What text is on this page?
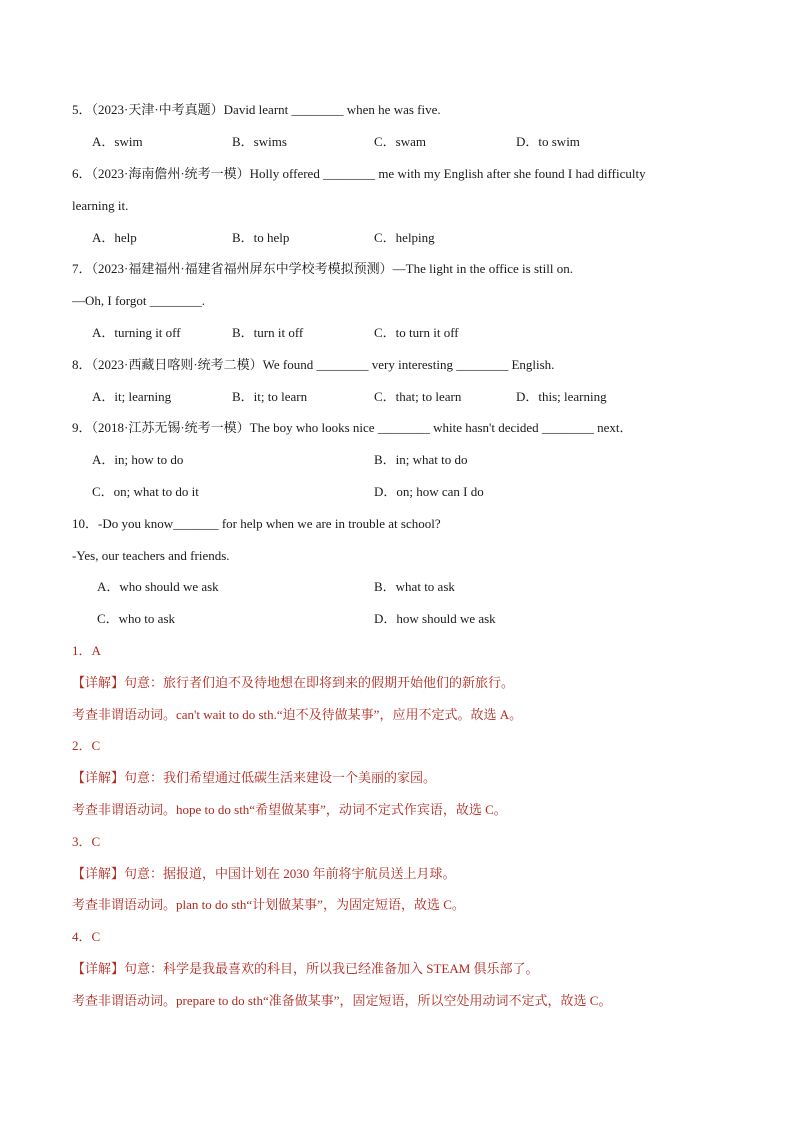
5．（2023·天津·中考真题）David learnt ________ when he was five.
A．swim	B．swims	C．swam	D．to swim
6．（2023·海南儋州·统考一模）Holly offered ________ me with my English after she found I had difficulty
learning it.
A．help	B．to help	C．helping
7．（2023·福建福州·福建省福州屏东中学校考模拟预测）—The light in the office is still on.
—Oh, I forgot ________.
A．turning it off	B．turn it off	C．to turn it off
8．（2023·西藏日喀则·统考二模）We found ________ very interesting ________ English.
A．it; learning	B．it; to learn	C．that; to learn	D．this; learning
9．（2018·江苏无锡·统考一模）The boy who looks nice ________ white hasn't decided ________ next．
A．in; how to do	B．in; what to do
C．on; what to do it	D．on; how can I do
10．-Do you know_______ for help when we are in trouble at school?
-Yes, our teachers and friends.
A．who should we ask	B．what to ask
C．who to ask	D．how should we ask
1．A
【详解】句意：旅行者们迫不及待地想在即将到来的假期开始他们的新旅行。
考查非谓语动词。can't wait to do sth.“迫不及待做某事”，应用不定式。故选 A。
2．C
【详解】句意：我们希望通过低碳生活来建设一个美丽的家园。
考查非谓语动词。hope to do sth“希望做某事”，动词不定式作宾语，故选 C。
3．C
【详解】句意：据报道，中国计划在 2030 年前将宇航员送上月球。
考查非谓语动词。plan to do sth“计划做某事”，为固定短语，故选 C。
4．C
【详解】句意：科学是我最喜欢的科目，所以我已经准备加入 STEAM 俱乐部了。
考查非谓语动词。prepare to do sth“准备做某事”，固定短语，所以空处用动词不定式，故选 C。
